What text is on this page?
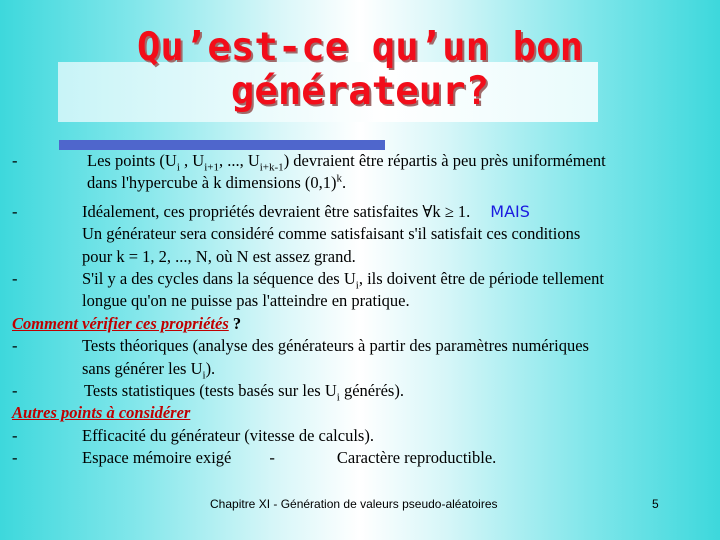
Qu’est-ce qu’un bon
générateur?
-	Les points ($U_i$ , $U_{i+1}$, ..., $U_{i+k-1}$) devraient être répartis à peu près uniformément
dans l'hypercube à k dimensions $(0,1)^k$.
-	Idéalement, ces propriétés devraient être satisfaites ∀k ≥ 1. MAIS
Un générateur sera considéré comme satisfaisant s'il satisfait ces conditions
pour k = 1, 2, ..., N, où N est assez grand.
-	S'il y a des cycles dans la séquence des $U_i$, ils doivent être de période tellement
longue qu'on ne puisse pas l'atteindre en pratique.
Comment vérifier ces propriétés ?
-	Tests théoriques (analyse des générateurs à partir des paramètres numériques
sans générer les $U_i$).
-	Tests statistiques (tests basés sur les $U_i$ générés).
Autres points à considérer
-	Efficacité du générateur (vitesse de calculs).
-	Espace mémoire exigé -	Caractère reproductible.
Chapitre XI - Génération de valeurs pseudo-aléatoires	5
